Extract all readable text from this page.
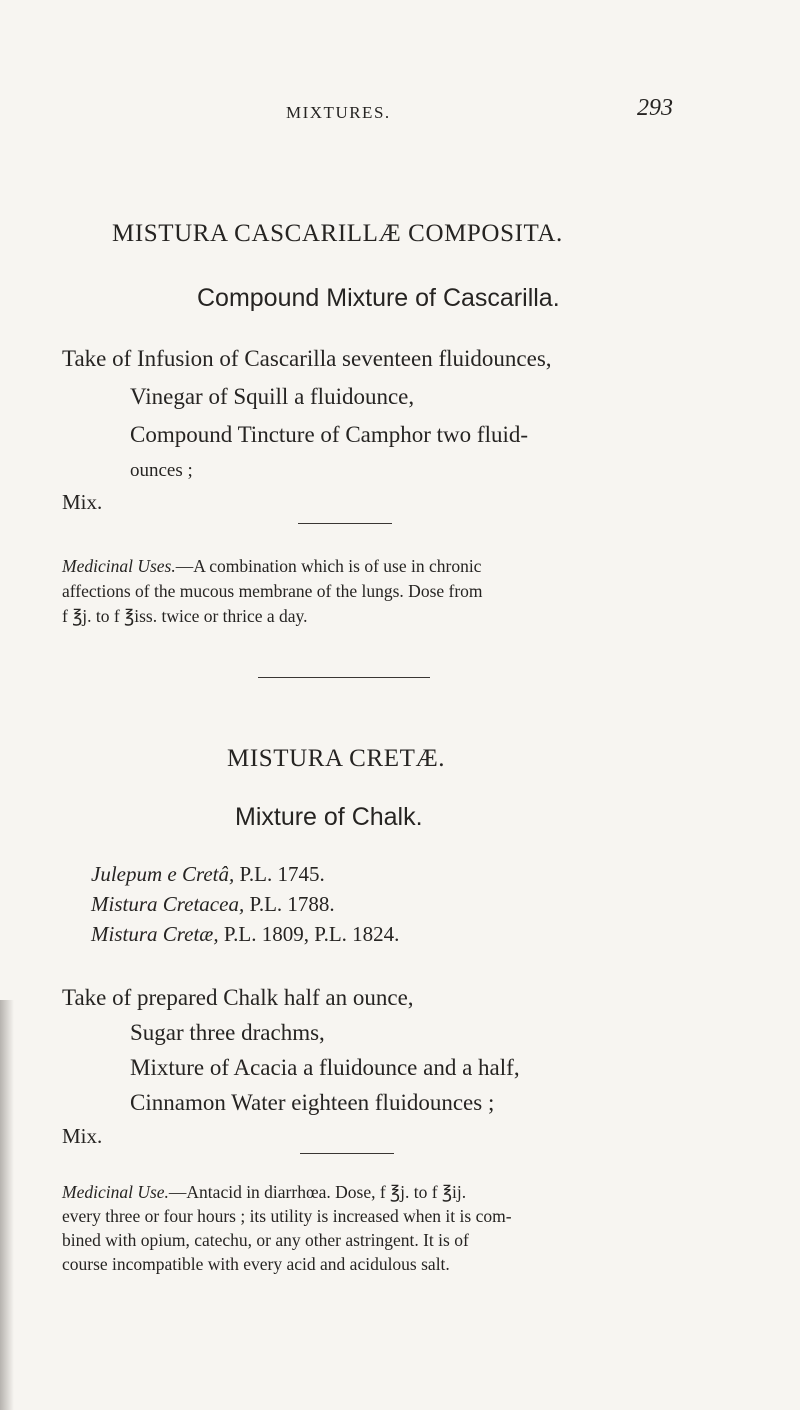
MIXTURES.	293
MISTURA CASCARILLÆ COMPOSITA.
Compound Mixture of Cascarilla.
Take of Infusion of Cascarilla seventeen fluidounces,
Vinegar of Squill a fluidounce,
Compound Tincture of Camphor two fluid-
ounces ;
Mix.
Medicinal Uses.—A combination which is of use in chronic
affections of the mucous membrane of the lungs. Dose from
f ℥j. to f ℥iss. twice or thrice a day.
MISTURA CRETÆ.
Mixture of Chalk.
Julepum e Cretâ, P.L. 1745.
Mistura Cretacea, P.L. 1788.
Mistura Cretæ, P.L. 1809, P.L. 1824.
Take of prepared Chalk half an ounce,
Sugar three drachms,
Mixture of Acacia a fluidounce and a half,
Cinnamon Water eighteen fluidounces ;
Mix.
Medicinal Use.—Antacid in diarrhœa. Dose, f ℥j. to f ℥ij.
every three or four hours ; its utility is increased when it is com-
bined with opium, catechu, or any other astringent. It is of
course incompatible with every acid and acidulous salt.
